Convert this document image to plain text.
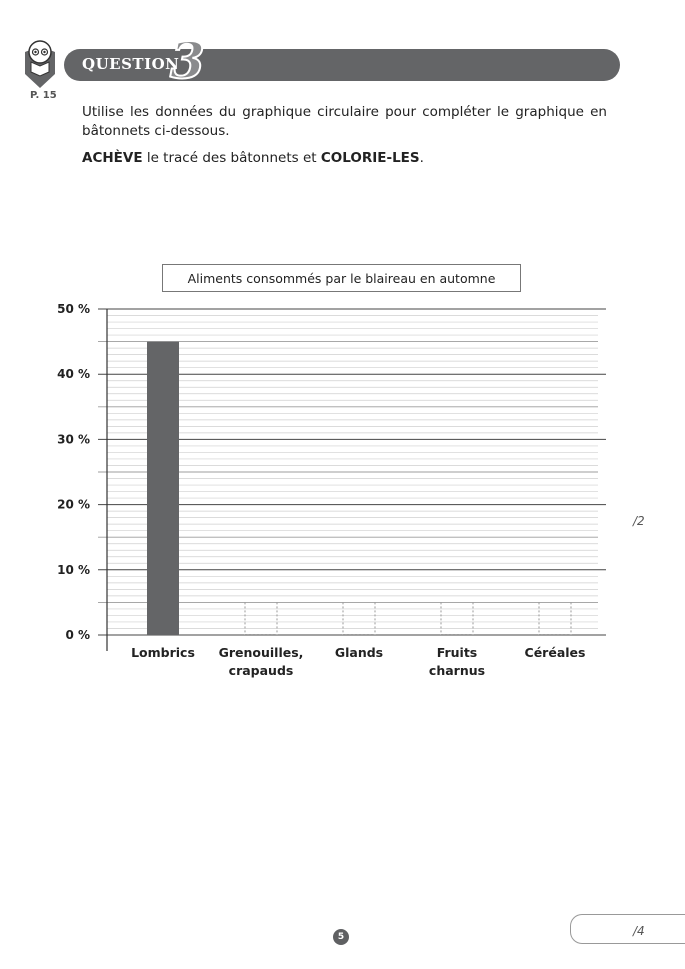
QUESTION
3
P. 15
Utilise les données du graphique circulaire pour compléter le graphique en bâtonnets ci-dessous.
ACHÈVE le tracé des bâtonnets et COLORIE-LES.
Aliments consommés par le blaireau en automne
0 %
10 %
20 %
30 %
40 %
50 %
Lombrics Grenouilles,
crapauds
Glands	Fruits
charnus
Céréales
/2
/4
5
